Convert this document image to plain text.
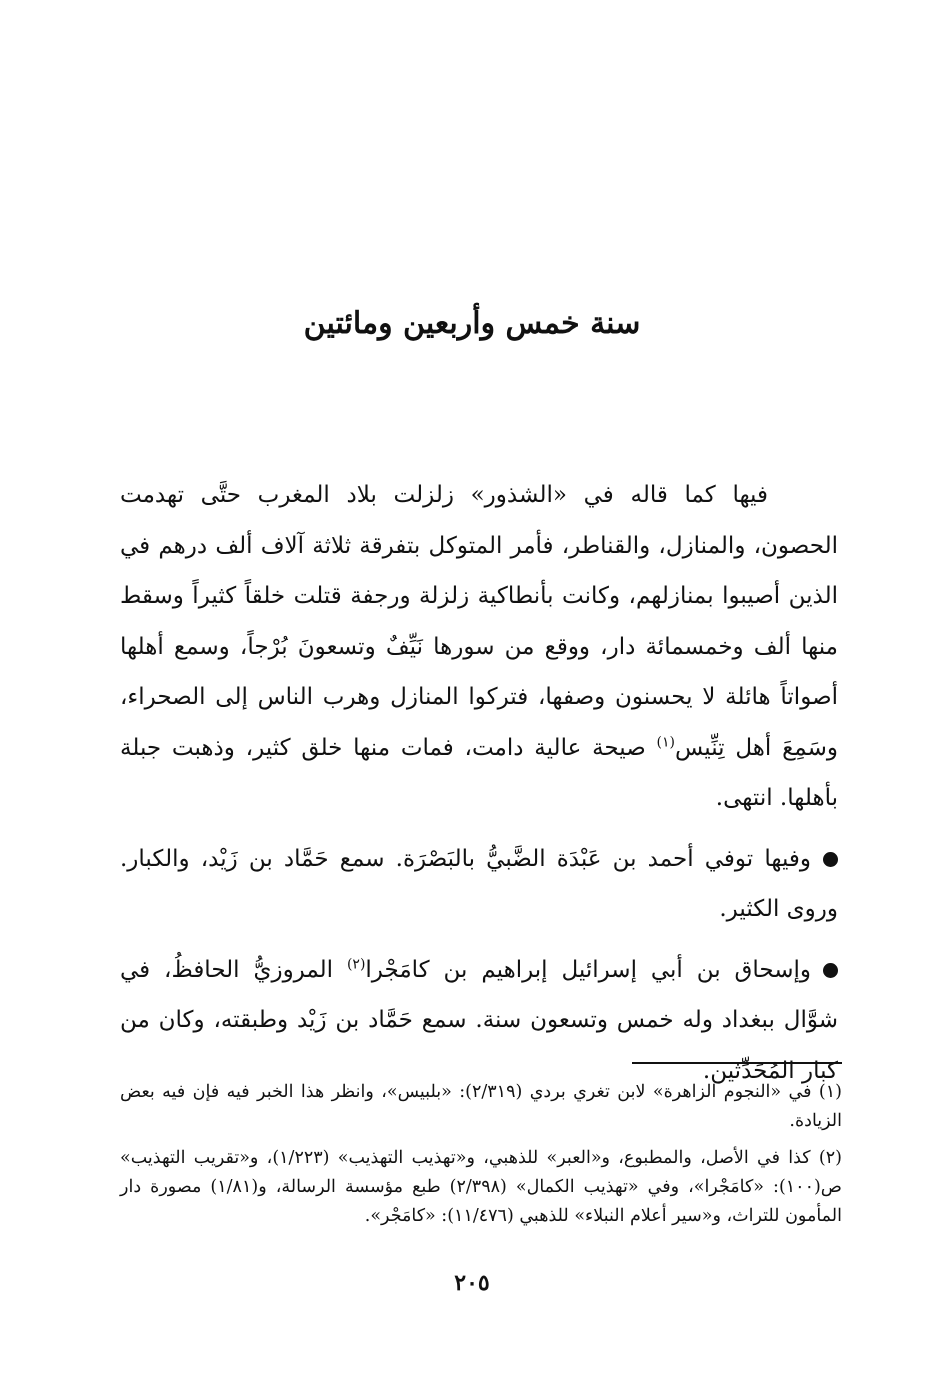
سنة خمس وأربعين ومائتين

فيها كما قاله في «الشذور» زلزلت بلاد المغرب حتَّى تهدمت الحصون، والمنازل، والقناطر، فأمر المتوكل بتفرقة ثلاثة آلاف ألف درهم في الذين أصيبوا بمنازلهم، وكانت بأنطاكية زلزلة ورجفة قتلت خلقاً كثيراً وسقط منها ألف وخمسمائة دار، ووقع من سورها نَيِّفٌ وتسعونَ بُرْجاً، وسمع أهلها أصواتاً هائلة لا يحسنون وصفها، فتركوا المنازل وهرب الناس إلى الصحراء، وسَمِعَ أهل تِنِّيس$^{(١)}$ صيحة عالية دامت، فمات منها خلق كثير، وذهبت جبلة بأهلها. انتهى.

وفيها توفي أحمد بن عَبْدَة الضَّبيُّ بالبَصْرَة. سمع حَمَّاد بن زَيْد، والكبار. وروى الكثير.

وإسحاق بن أبي إسرائيل إبراهيم بن كامَجْرا$^{(٢)}$ المروزيُّ الحافظُ، في شوَّال ببغداد وله خمس وتسعون سنة. سمع حَمَّاد بن زَيْد وطبقته، وكان من كبار المُحَدِّثين.

(١) في «النجوم الزاهرة» لابن تغري بردي (٢/٣١٩): «بلبيس»، وانظر هذا الخبر فيه فإن فيه بعض الزيادة.

(٢) كذا في الأصل، والمطبوع، و«العبر» للذهبي، و«تهذيب التهذيب» (١/٢٢٣)، و«تقريب التهذيب» ص(١٠٠): «كامَجْرا»، وفي «تهذيب الكمال» (٢/٣٩٨) طبع مؤسسة الرسالة، و(١/٨١) مصورة دار المأمون للتراث، و«سير أعلام النبلاء» للذهبي (١١/٤٧٦): «كامَجْر».

٢٠٥
